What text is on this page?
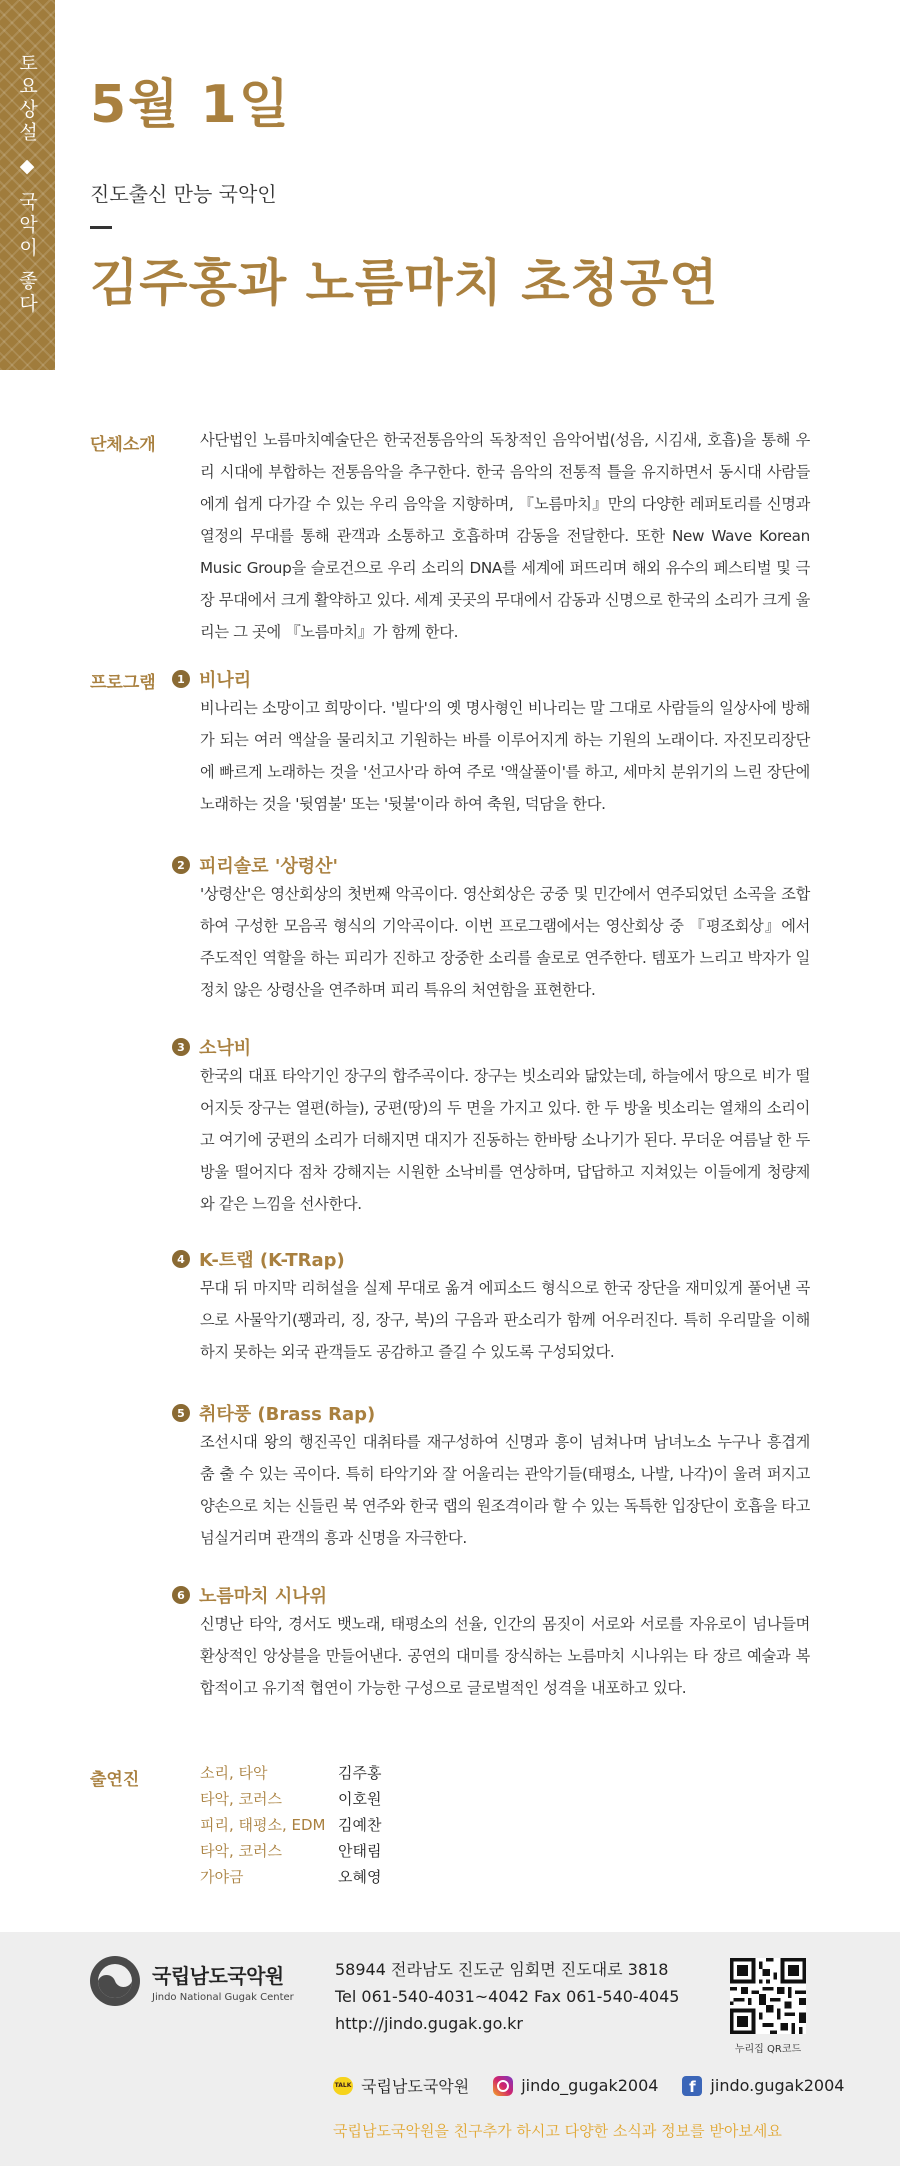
토요상설 ◆ 국악이 좋다 5월 1일
진도출신 만능 국악인
김주홍과 노름마치 초청공연
단체소개	사단법인 노름마치예술단은 한국전통음악의 독창적인 음악어법(성음, 시김새, 호흡)을 통해 우리 시대에 부합하는 전통음악을 추구한다. 한국 음악의 전통적 틀을 유지하면서 동시대 사람들에게 쉽게 다가갈 수 있는 우리 음악을 지향하며, 『노름마치』만의 다양한 레퍼토리를 신명과 열정의 무대를 통해 관객과 소통하고 호흡하며 감동을 전달한다. 또한 New Wave Korean Music Group을 슬로건으로 우리 소리의 DNA를 세계에 퍼뜨리며 해외 유수의 페스티벌 및 극장 무대에서 크게 활약하고 있다. 세계 곳곳의 무대에서 감동과 신명으로 한국의 소리가 크게 울리는 그 곳에 『노름마치』가 함께 한다.
프로그램	1 비나리
비나리는 소망이고 희망이다. '빌다'의 옛 명사형인 비나리는 말 그대로 사람들의 일상사에 방해가 되는 여러 액살을 물리치고 기원하는 바를 이루어지게 하는 기원의 노래이다. 자진모리장단에 빠르게 노래하는 것을 '선고사'라 하여 주로 '액살풀이'를 하고, 세마치 분위기의 느린 장단에 노래하는 것을 '뒷염불' 또는 '뒷불'이라 하여 축원, 덕담을 한다.
2 피리솔로 '상령산'
'상령산'은 영산회상의 첫번째 악곡이다. 영산회상은 궁중 및 민간에서 연주되었던 소곡을 조합하여 구성한 모음곡 형식의 기악곡이다. 이번 프로그램에서는 영산회상 중 『평조회상』에서 주도적인 역할을 하는 피리가 진하고 장중한 소리를 솔로로 연주한다. 템포가 느리고 박자가 일정치 않은 상령산을 연주하며 피리 특유의 처연함을 표현한다.
3 소낙비
한국의 대표 타악기인 장구의 합주곡이다. 장구는 빗소리와 닮았는데, 하늘에서 땅으로 비가 떨어지듯 장구는 열편(하늘), 궁편(땅)의 두 면을 가지고 있다. 한 두 방울 빗소리는 열채의 소리이고 여기에 궁편의 소리가 더해지면 대지가 진동하는 한바탕 소나기가 된다. 무더운 여름날 한 두 방울 떨어지다 점차 강해지는 시원한 소낙비를 연상하며, 답답하고 지쳐있는 이들에게 청량제와 같은 느낌을 선사한다.
4 K-트랩 (K-TRap)
무대 뒤 마지막 리허설을 실제 무대로 옮겨 에피소드 형식으로 한국 장단을 재미있게 풀어낸 곡으로 사물악기(꽹과리, 징, 장구, 북)의 구음과 판소리가 함께 어우러진다. 특히 우리말을 이해하지 못하는 외국 관객들도 공감하고 즐길 수 있도록 구성되었다.
5 취타풍 (Brass Rap)
조선시대 왕의 행진곡인 대취타를 재구성하여 신명과 흥이 넘쳐나며 남녀노소 누구나 흥겹게 춤 출 수 있는 곡이다. 특히 타악기와 잘 어울리는 관악기들(태평소, 나발, 나각)이 울려 퍼지고 양손으로 치는 신들린 북 연주와 한국 랩의 원조격이라 할 수 있는 독특한 입장단이 호흡을 타고 넘실거리며 관객의 흥과 신명을 자극한다.
6 노름마치 시나위
신명난 타악, 경서도 뱃노래, 태평소의 선율, 인간의 몸짓이 서로와 서로를 자유로이 넘나들며 환상적인 앙상블을 만들어낸다. 공연의 대미를 장식하는 노름마치 시나위는 타 장르 예술과 복합적이고 유기적 협연이 가능한 구성으로 글로벌적인 성격을 내포하고 있다.
출연진	소리, 타악	김주홍
타악, 코러스	이호원
피리, 태평소, EDM 김예찬
타악, 코러스	안태림
가야금	오혜영
국립남도국악원
Jindo National Gugak Center
58944 전라남도 진도군 임회면 진도대로 3818
Tel 061-540-4031~4042 Fax 061-540-4045
http://jindo.gugak.go.kr
누리집 QR코드
TALK 국립남도국악원	jindo_gugak2004	f jindo.gugak2004
국립남도국악원을 친구추가 하시고 다양한 소식과 정보를 받아보세요
